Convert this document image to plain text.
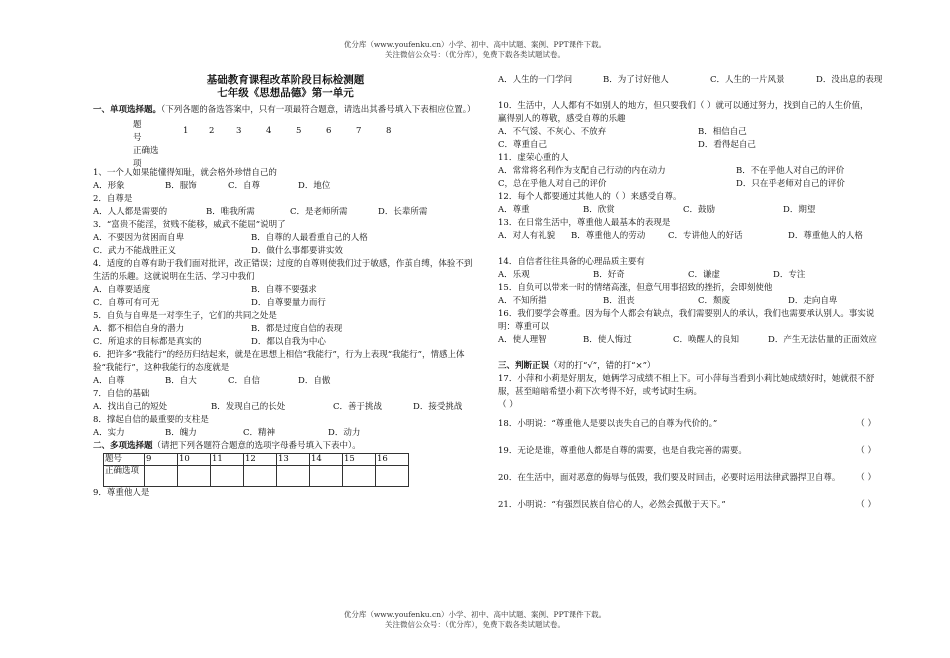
优分库（www.youfenku.cn）小学、初中、高中试题、案例、PPT课件下载。
关注微信公众号：（优分库），免费下载各类试题试卷。
基础教育课程改革阶段目标检测题
七年级《思想品德》第一单元

一、单项选择题。（下列各题的备选答案中，只有一项最符合题意，请选出其番号填入下表相应位置。）

题
号
1 2	3	4	5	6	7	8
正确选
项

1、一个人如果能懂得知耻，就会格外珍惜自己的

A．形象	B．服饰	C．自尊	D．地位

2．自尊是

A．人人都是需要的	B．唯我所需	C．是老师所需	D．长辈所需

3．“富贵不能淫，贫贱不能移，威武不能屈”说明了

A．不要因为贫困而自卑	B．自尊的人最看重自己的人格
C．武力不能战胜正义	D．做什么事都要讲实效

4．适度的自尊有助于我们面对批评，改正错误；过度的自尊则使我们过于敏感，作茧自缚，体验不到生活的乐趣。这就说明在生活、学习中我们

A．自尊要适度	B．自尊不要强求
C．自尊可有可无	D．自尊要量力而行

5．自负与自卑是一对孪生子，它们的共同之处是

A．都不相信自身的潜力	B．都是过度自信的表现
C．所追求的目标都是真实的	D．都以自我为中心

6．把许多“我能行”的经历归结起来，就是在思想上相信“我能行”，行为上表现“我能行”，情感上体验“我能行”，这种我能行的态度就是

A．自尊	B．自大	C．自信	D．自傲

7．自信的基础

A．找出自己的短处	B．发现自己的长处	C．善于挑战	D．接受挑战

8．撑起自信的最重要的支柱是

A．实力	B．魄力	C．精神	D．动力

二、多项选择题（请把下列各题符合题意的选项字母番号填入下表中）。

题号	9	10	11	12	13	14	15	16
正确选项								

9．尊重他人是

A．人生的一门学问	B．为了讨好他人	C．人生的一片风景	D．没出息的表现

10．生活中，人人都有不如别人的地方，但只要我们（ ）就可以通过努力，找到自己的人生价值，赢得别人的尊敬，感受自尊的乐趣

A．不气馁、不灰心、不放弃	B．相信自己
C．尊重自己	D．看得起自己

11．虚荣心重的人

A．常常将名利作为支配自己行动的内在动力	B．不在乎他人对自己的评价
C，总在乎他人对自己的评价	D．只在乎老师对自己的评价

12．每个人都要通过其他人的（ ）来感受自尊。

A．尊重	B．欣赏	C．鼓励	D．期望

13．在日常生活中，尊重他人最基本的表现是

A．对人有礼貌 B．尊重他人的劳动	C．专讲他人的好话	D．尊重他人的人格

14．自信者往往具备的心理品质主要有

A．乐观	B．好奇	C．谦虚	D．专注

15．自负可以带来一时的情绪高涨，但意气用事招致的挫折，会即刻使他

A．不知所措	B．沮丧	C．颓废	D．走向自卑

16．我们要学会尊重。因为每个人都会有缺点，我们需要别人的承认，我们也需要承认别人。事实说明：尊重可以

A．使人理智	B．使人悔过	C．唤醒人的良知	D．产生无法估量的正面效应

三、判断正误（对的打“√”，错的打“×”）

17．小萍和小莉是好朋友，她俩学习成绩不相上下。可小萍每当看到小莉比她成绩好时，她就很不舒服，甚至暗暗希望小莉下次考得不好，或考试时生病。
（ ）

18．小明说：“尊重他人是要以丧失自己的自尊为代价的。”	（ ）
19．无论是谁，尊重他人都是自尊的需要，也是自我完善的需要。	（ ）
20．在生活中，面对恶意的侮辱与低毁，我们要及时回击，必要时运用法律武器捍卫自尊。 （ ）
21．小明说：“有强烈民族自信心的人，必然会孤傲于天下。”	（ ）
优分库（www.youfenku.cn）小学、初中、高中试题、案例、PPT课件下载。
关注微信公众号：（优分库），免费下载各类试题试卷。
